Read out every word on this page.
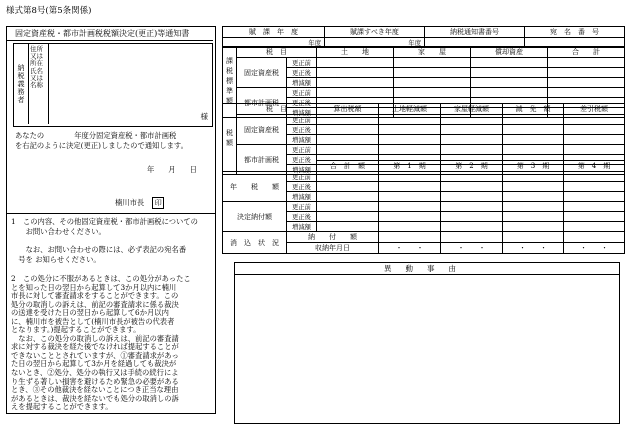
様式第8号(第5条関係)
固定資産税・都市計画税税額決定(更正)等通知書
納税義務者
住所
又は
所在
氏名
又は
名称
様
あなたの	年度分固定資産税・都市計画税
を右記のように決定(更正)しましたので通知します。
年 月 日
楠川市長 印
1　この内容、その他固定資産税・都市計画税についての
　　お問い合わせください。
　　なお、お問い合わせの際には、必ず表記の宛名番
　号を お知らせください。
2　この処分に不服があるときは、この処分があったこ
とを知った日の翌日から起算して3か月以内に楠川
市長に対して審査請求をすることができます。この
処分の取消しの訴えは、前記の審査請求に係る裁決
の送達を受けた日の翌日から起算して6か月以内
に、楠川市を被告として(楠川市長が被告の代表者
となります。)提起することができます。
　なお、この処分の取消しの訴えは、前記の審査請
求に対する裁決を経た後でなければ提起することが
できないこととされていますが、①審査請求があっ
た日の翌日から起算して3か月を経過しても裁決が
ないとき、②処分、処分の執行又は手続の続行によ
り生ずる著しい損害を避けるため緊急の必要がある
とき、③その他裁決を経ないことにつき正当な理由
があるときは、裁決を経ないでも処分の取消しの訴
えを提起することができます。
賦　課　年　度	賦課すべき年度	納税通知書番号	宛　名　番　号
年度	年度		
課税標準額	税　目		土　　地	家　　屋	償却資産	合　　計
	固定資産税	更正前				
		更正後				
		増減額				
	都市計画税	更正前				
		更正後				
		増減額				
税額	税　目		算出税額	土地軽減額	家屋軽減額	減　免　額	差引税額
	固定資産税	更正前					
		更正後					
		増減額					
	都市計画税	更正前					
		更正後					
		増減額					
		合　計　額	第　1　期	第　2　期	第　3　期	第　4　期
年　　税　　額	更正前					
	更正後					
	増減額					
決定納付額	更正前					
	更正後					
	増減額					
消　込　状　況	納　　付　　額					
	収納年月日		・ ・	・ ・	・ ・	・ ・
異動事由
